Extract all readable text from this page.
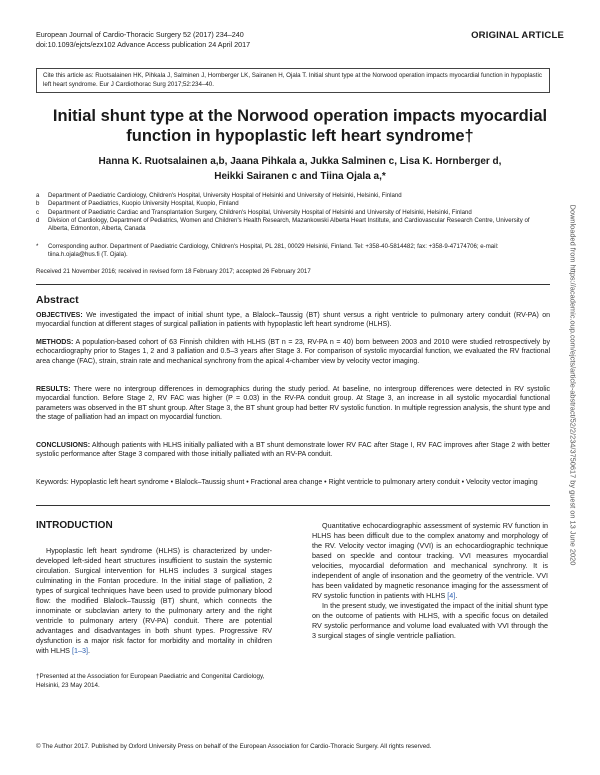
European Journal of Cardio-Thoracic Surgery 52 (2017) 234–240
doi:10.1093/ejcts/ezx102 Advance Access publication 24 April 2017
ORIGINAL ARTICLE
Cite this article as: Ruotsalainen HK, Pihkala J, Salminen J, Hornberger LK, Sairanen H, Ojala T. Initial shunt type at the Norwood operation impacts myocardial function in hypoplastic left heart syndrome. Eur J Cardiothorac Surg 2017;52:234–40.
Initial shunt type at the Norwood operation impacts myocardial function in hypoplastic left heart syndrome†
Hanna K. Ruotsalainen a,b, Jaana Pihkala a, Jukka Salminen c, Lisa K. Hornberger d,
Heikki Sairanen c and Tiina Ojala a,*
a	Department of Paediatric Cardiology, Children's Hospital, University Hospital of Helsinki and University of Helsinki, Helsinki, Finland
b	Department of Paediatrics, Kuopio University Hospital, Kuopio, Finland
c	Department of Paediatric Cardiac and Transplantation Surgery, Children's Hospital, University Hospital of Helsinki and University of Helsinki, Helsinki, Finland
d	Division of Cardiology, Department of Pediatrics, Women and Children's Health Research, Mazankowski Alberta Heart Institute, and Cardiovascular Research Centre, University of Alberta, Edmonton, Alberta, Canada
*	Corresponding author. Department of Paediatric Cardiology, Children's Hospital, PL 281, 00029 Helsinki, Finland. Tel: +358-40-5814482; fax: +358-9-47174706; e-mail: tiina.h.ojala@hus.fi (T. Ojala).
Received 21 November 2016; received in revised form 18 February 2017; accepted 26 February 2017
Abstract
OBJECTIVES: We investigated the impact of initial shunt type, a Blalock–Taussig (BT) shunt versus a right ventricle to pulmonary artery conduit (RV-PA) on myocardial function at different stages of surgical palliation in patients with hypoplastic left heart syndrome (HLHS).
METHODS: A population-based cohort of 63 Finnish children with HLHS (BT n = 23, RV-PA n = 40) born between 2003 and 2010 were studied retrospectively by echocardiography prior to Stages 1, 2 and 3 palliation and 0.5–3 years after Stage 3. For comparison of systolic myocardial function, we evaluated the RV fractional area change (FAC), strain, strain rate and mechanical synchrony from the apical 4-chamber view by velocity vector imaging.
RESULTS: There were no intergroup differences in demographics during the study period. At baseline, no intergroup differences were detected in RV systolic myocardial function. Before Stage 2, RV FAC was higher (P = 0.03) in the RV-PA conduit group. At Stage 3, an increase in all systolic myocardial functional parameters was observed in the BT shunt group. After Stage 3, the BT shunt group had better RV systolic function. In multiple regression analysis, the shunt type and the stage of palliation had an impact on myocardial function.
CONCLUSIONS: Although patients with HLHS initially palliated with a BT shunt demonstrate lower RV FAC after Stage I, RV FAC improves after Stage 2 with better systolic performance after Stage 3 compared with those initially palliated with an RV-PA conduit.
Keywords: Hypoplastic left heart syndrome • Blalock–Taussig shunt • Fractional area change • Right ventricle to pulmonary artery conduit • Velocity vector imaging
INTRODUCTION

Hypoplastic left heart syndrome (HLHS) is characterized by under-developed left-sided heart structures insufficient to sustain the systemic circulation. Surgical intervention for HLHS includes 3 surgical stages culminating in the Fontan procedure. In the initial stage of palliation, 2 types of surgical techniques have been used to provide pulmonary blood flow: the modified Blalock–Taussig (BT) shunt, which connects the innominate or subclavian artery to the pulmonary artery and the right ventricle to pulmonary artery (RV-PA) conduit. There are potential advantages and disadvantages in both shunt types. Progressive RV dysfunction is a major risk factor for morbidity and mortality in children with HLHS [1–3].

†Presented at the Association for European Paediatric and Congenital Cardiology, Helsinki, 23 May 2014.

Quantitative echocardiographic assessment of systemic RV function in HLHS has been difficult due to the complex anatomy and morphology of the RV. Velocity vector imaging (VVI) is an echocardiographic technique based on speckle and contour tracking. VVI measures myocardial velocities, myocardial deformation and mechanical synchrony. It is independent of angle of insonation and the geometry of the ventricle. VVI has been validated by magnetic resonance imaging for the assessment of RV systolic function in patients with HLHS [4].

In the present study, we investigated the impact of the initial shunt type on the outcome of patients with HLHS, with a specific focus on detailed RV systolic performance and volume load evaluated with VVI through the 3 surgical stages of single ventricle palliation.

© The Author 2017. Published by Oxford University Press on behalf of the European Association for Cardio-Thoracic Surgery. All rights reserved.
Downloaded from https://academic.oup.com/ejcts/article-abstract/52/2/234/3750617 by guest on 13 June 2020
